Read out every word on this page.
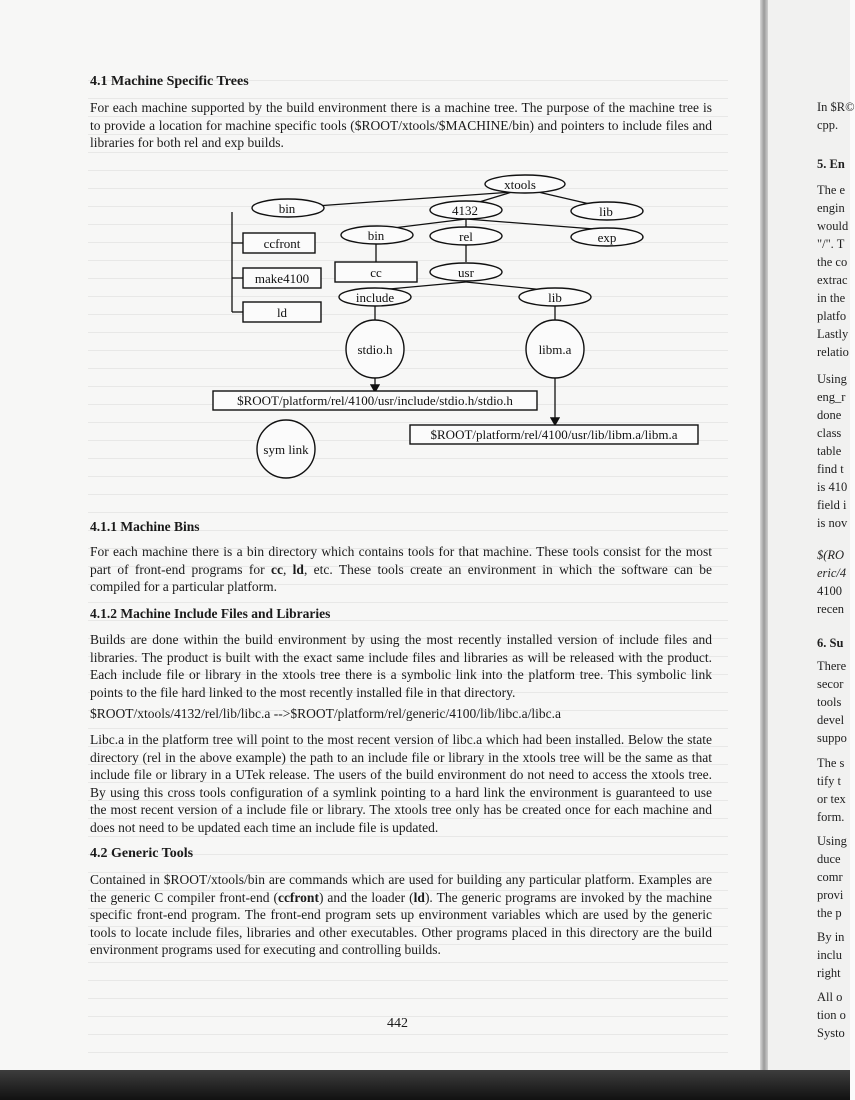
4.1 Machine Specific Trees

For each machine supported by the build environment there is a machine tree. The purpose of the machine tree is to provide a location for machine specific tools ($ROOT/xtools/$MACHINE/bin) and pointers to include files and libraries for both rel and exp builds.

xtools
bin	4132	lib
bin	rel	exp
ccfront
cc	usr
make4100
include	lib
ld
stdio.h	libm.a
sym link
$ROOT/platform/rel/4100/usr/include/stdio.h/stdio.h
$ROOT/platform/rel/4100/usr/lib/libm.a/libm.a
4.1.1 Machine Bins

For each machine there is a bin directory which contains tools for that machine. These tools consist for the most part of front-end programs for cc, ld, etc. These tools create an environment in which the software can be compiled for a particular platform.

4.1.2 Machine Include Files and Libraries

Builds are done within the build environment by using the most recently installed version of include files and libraries. The product is built with the exact same include files and libraries as will be released with the product. Each include file or library in the xtools tree there is a symbolic link into the platform tree. This symbolic link points to the file hard linked to the most recently installed file in that directory.

$ROOT/xtools/4132/rel/lib/libc.a -->$ROOT/platform/rel/generic/4100/lib/libc.a/libc.a

Libc.a in the platform tree will point to the most recent version of libc.a which had been installed. Below the state directory (rel in the above example) the path to an include file or library in the xtools tree will be the same as that include file or library in a UTek release. The users of the build environment do not need to access the xtools tree. By using this cross tools configuration of a symlink pointing to a hard link the environment is guaranteed to use the most recent version of a include file or library. The xtools tree only has be created once for each machine and does not need to be updated each time an include file is updated.

4.2 Generic Tools

Contained in $ROOT/xtools/bin are commands which are used for building any particular platform. Examples are the generic C compiler front-end (ccfront) and the loader (ld). The generic programs are invoked by the machine specific front-end program. The front-end program sets up environment variables which are used by the generic tools to locate include files, libraries and other executables. Other programs placed in this directory are the build environment programs used for executing and controlling builds.

442
In $R©
cpp.
5. En
The e
engin
would
"/". T
the co
extrac
in the
platfo
Lastly
relatio
Using
eng_r
done
class
table
find t
is 410
field i
is nov
$(RO
eric/4
4100
recen
6. Su
There
secor
tools
devel
suppo
The s
tify t
or tex
form.
Using
duce
comr
provi
the p
By in
inclu
right
All o
tion o
Systo
